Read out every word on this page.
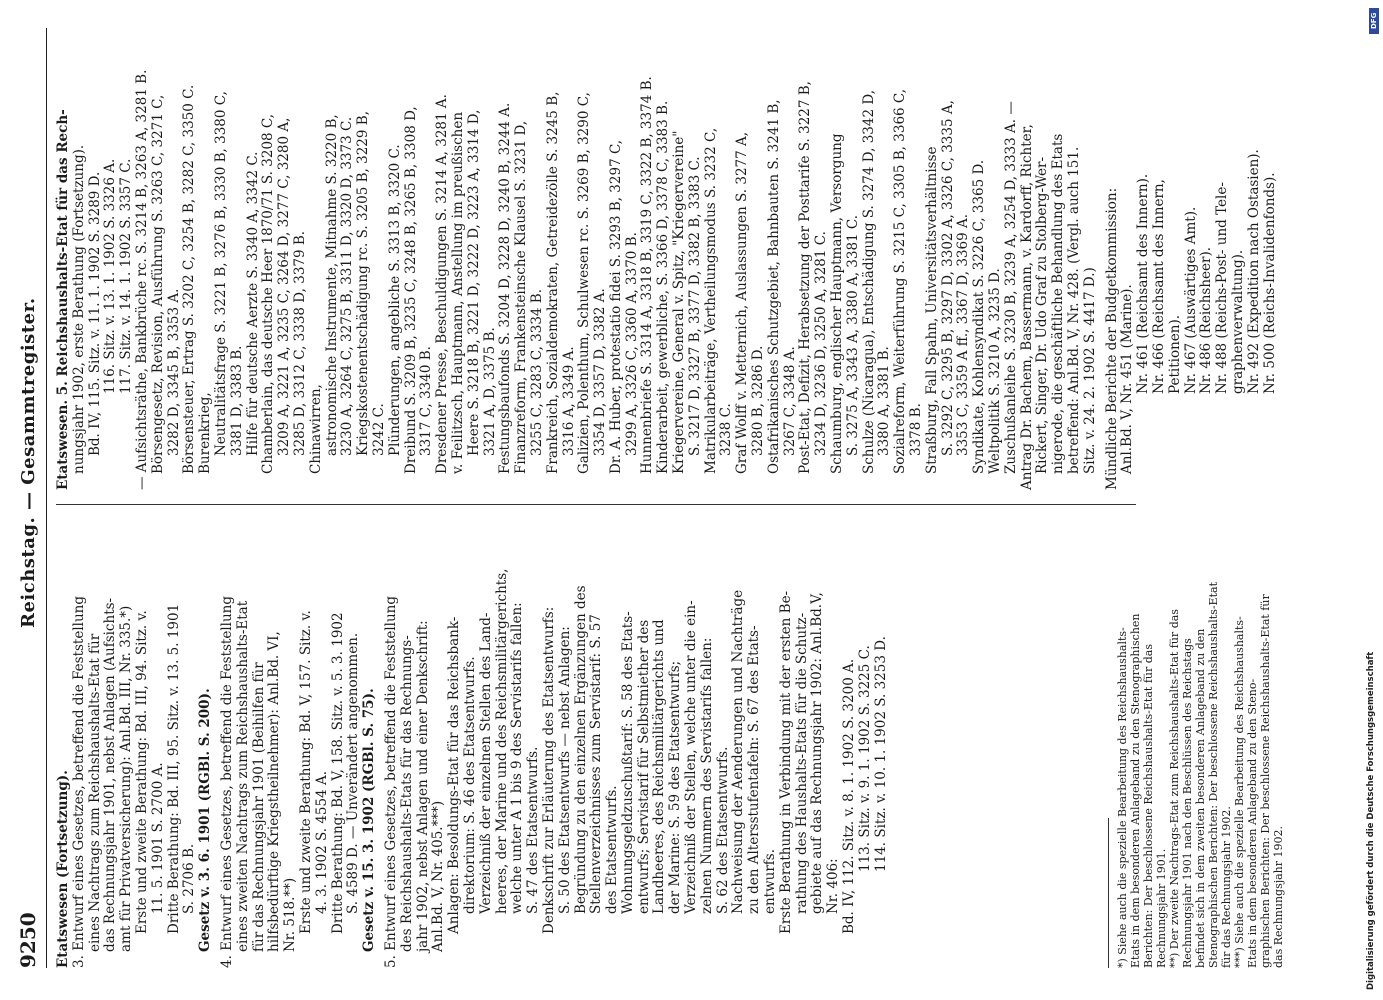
9250
Reichstag. — Gesammtregister.
Etatswesen (Fortsetzung). 3. Entwurf eines Gesetzes, betreffend die Feststellung eines Nachtrags zum Reichshaushalts-Etat für das Rechnungsjahr 1901, nebst Anlagen (Aufsichts- amt für Privatversicherung): Anl.Bd. III, Nr. 335.*) Erste und zweite Berathung: Bd. III, 94. Sitz. v. 11. 5. 1901 S. 2700 A. Dritte Berathung: Bd. III, 95. Sitz. v. 13. 5. 1901 S. 2706 B. Gesetz v. 3. 6. 1901 (RGBl. S. 200). 4. Entwurf eines Gesetzes, betreffend die Feststellung eines zweiten Nachtrags zum Reichshaushalts-Etat für das Rechnungsjahr 1901 (Beihilfen für hilfsbedürftige Kriegstheilnehmer): Anl.Bd. VI, Nr. 518.**) Erste und zweite Berathung: Bd. V, 157. Sitz. v. 4. 3. 1902 S. 4554 A. Dritte Berathung: Bd. V, 158. Sitz. v. 5. 3. 1902 S. 4589 D. — Unverändert angenommen. Gesetz v. 15. 3. 1902 (RGBl. S. 75). 5. Entwurf eines Gesetzes, betreffend die Feststellung des Reichshaushalts-Etats für das Rechnungs- jahr 1902, nebst Anlagen und einer Denkschrift: Anl.Bd. V, Nr. 405.***) Anlagen: Besoldungs-Etat für das Reichsbank- direktorium: S. 46 des Etatsentwurfs. Verzeichniß der einzelnen Stellen des Land- heeres, der Marine und des Reichsmilitärgerichts, welche unter A 1 bis 9 des Servistarifs fallen: S. 47 des Etatsentwurfs. Denkschrift zur Erläuterung des Etatsentwurfs: S. 50 des Etatsentwurfs — nebst Anlagen: Begründung zu den einzelnen Ergänzungen des Stellenverzeichnisses zum Servistarif: S. 57 des Etatsentwurfs. Wohnungsgeldzuschußtarif: S. 58 des Etats- entwurfs; Servistarif für Selbstmiether des Landheeres, des Reichsmilitärgerichts und der Marine: S. 59 des Etatsentwurfs; Verzeichniß der Stellen, welche unter die ein- zelnen Nummern des Servistarifs fallen: S. 62 des Etatsentwurfs. Nachweisung der Aenderungen und Nachträge zu den Altersstufentafeln: S. 67 des Etats- entwurfs. Erste Berathung in Verbindung mit der ersten Be- rathung des Haushalts-Etats für die Schutz- gebiete auf das Rechnungsjahr 1902: Anl.Bd.V, Nr. 406: Bd. IV, 112. Sitz. v. 8. 1. 1902 S. 3200 A. 113. Sitz. v. 9. 1. 1902 S. 3225 C. 114. Sitz. v. 10. 1. 1902 S. 3253 D.
Etatswesen. 5. Reichshaushalts-Etat für das Rech- nungsjahr 1902, erste Berathung (Fortsetzung). Bd. IV, 115. Sitz. v. 11. 1. 1902 S. 3289 D. 116. Sitz. v. 13. 1. 1902 S. 3326 A. 117. Sitz. v. 14. 1. 1902 S. 3357 C. — Aufsichtsräthe, Bankbrüche rc. S. 3214 B, 3263 A, 3281 B. Börsengesetz, Revision, Ausführung S. 3263 C, 3271 C, 3282 D, 3345 B, 3353 A. Börsensteuer, Ertrag S. 3202 C, 3254 B, 3282 C, 3350 C. Burenkrieg, Neutralitätsfrage S. 3221 B, 3276 B, 3330 B, 3380 C, 3381 D, 3383 B. Hilfe für deutsche Aerzte S. 3340 A, 3342 C. Chamberlain, das deutsche Heer 1870/71 S. 3208 C, 3209 A, 3221 A, 3235 C, 3264 D, 3277 C, 3280 A, 3285 D, 3312 C, 3338 D, 3379 B. Chinawirren, astronomische Instrumente, Mitnahme S. 3220 B, 3230 A, 3264 C, 3275 B, 3311 D, 3320 D, 3373 C. Kriegskostenentschädigung rc. S. 3205 B, 3229 B, 3242 C. Plünderungen, angebliche S. 3313 B, 3320 C. Dreibund S. 3209 B, 3235 C, 3248 B, 3265 B, 3308 D, 3317 C, 3340 B. Dresdener Presse, Beschuldigungen S. 3214 A, 3281 A. v. Feilitzsch, Hauptmann, Anstellung im preußischen Heere S. 3218 B, 3221 D, 3222 D, 3223 A, 3314 D, 3321 A, D, 3375 B. Festungsbaufonds S. 3204 D, 3228 D, 3240 B, 3244 A. Finanzreform, Frankensteinsche Klausel S. 3231 D, 3255 C, 3283 C, 3334 B. Frankreich, Sozialdemokraten, Getreidezölle S. 3245 B, 3316 A, 3349 A. Galizien, Polenthum, Schulwesen rc. S. 3269 B, 3290 C, 3354 D, 3357 D, 3382 A. Dr. A. Huber, protestatio fidei S. 3293 B, 3297 C, 3299 A, 3326 C, 3360 A, 3370 B. Hunnenbriefe S. 3314 A, 3318 B, 3319 C, 3322 B, 3374 B. Kinderarbeit, gewerbliche, S. 3366 D, 3378 C, 3383 B. Kriegervereine, General v. Spitz, "Kriegervereine" S. 3217 D, 3327 B, 3377 D, 3382 B, 3383 C. Matrikularbeiträge, Vertheilungsmodus S. 3232 C, 3238 C. Graf Wolff v. Metternich, Auslassungen S. 3277 A, 3280 B, 3286 D. Ostafrikanisches Schutzgebiet, Bahnbauten S. 3241 B, 3267 C, 3348 A. Post-Etat, Defizit, Herabsetzung der Posttarife S. 3227 B, 3234 D, 3236 D, 3250 A, 3281 C. Schaumburg, englischer Hauptmann, Versorgung S. 3275 A, 3343 A, 3380 A, 3381 C. Schulze (Nicaragua), Entschädigung S. 3274 D, 3342 D, 3380 A, 3381 B. Sozialreform, Weiterführung S. 3215 C, 3305 B, 3366 C, 3378 B. Straßburg, Fall Spahn, Universitätsverhältnisse S. 3292 C, 3295 B, 3297 D, 3302 A, 3326 C, 3335 A, 3353 C, 3359 A ff., 3367 D, 3369 A. Syndikate, Kohlensyndikat S. 3226 C, 3365 D. Weltpolitik S. 3210 A, 3235 D. Zuschußanleihe S. 3230 B, 3239 A, 3254 D, 3333 A. — Antrag Dr. Bachem, Bassermann, v. Kardorff, Richter, Rickert, Singer, Dr. Udo Graf zu Stolberg-Wer- nigerode, die geschäftliche Behandlung des Etats betreffend: Anl.Bd. V, Nr. 428. (Vergl. auch 151. Sitz. v. 24. 2. 1902 S. 4417 D.) Mündliche Berichte der Budgetkommission: Anl.Bd. V, Nr. 451 (Marine). Nr. 461 (Reichsamt des Innern). Nr. 466 (Reichsamt des Innern, Petitionen). Nr. 467 (Auswärtiges Amt). Nr. 486 (Reichsheer). Nr. 488 (Reichs-Post- und Tele- graphenverwaltung). Nr. 492 (Expedition nach Ostasien). Nr. 500 (Reichs-Invalidenfonds).
*) Siehe auch die spezielle Bearbeitung des Reichshaushalts- Etats in dem besonderen Anlageband zu den Stenographischen Berichten: Der beschlossene Reichshaushalts-Etat für das Rechnungsjahr 1901. **) Der zweite Nachtrags-Etat zum Reichshaushalts-Etat für das Rechnungsjahr 1901 nach den Beschlüssen des Reichstags befindet sich in dem zweiten besonderen Anlageband zu den Stenographischen Berichten: Der beschlossene Reichshaushalts-Etat für das Rechnungsjahr 1902. ***) Siehe auch die spezielle Bearbeitung des Reichshaushalts- Etats in dem besonderen Anlageband zu den Steno- graphischen Berichten: Der beschlossene Reichshaushalts-Etat für das Rechnungsjahr 1902.	Digitalisierung gefördert durch die Deutsche Forschungsgemeinschaft
DFG
